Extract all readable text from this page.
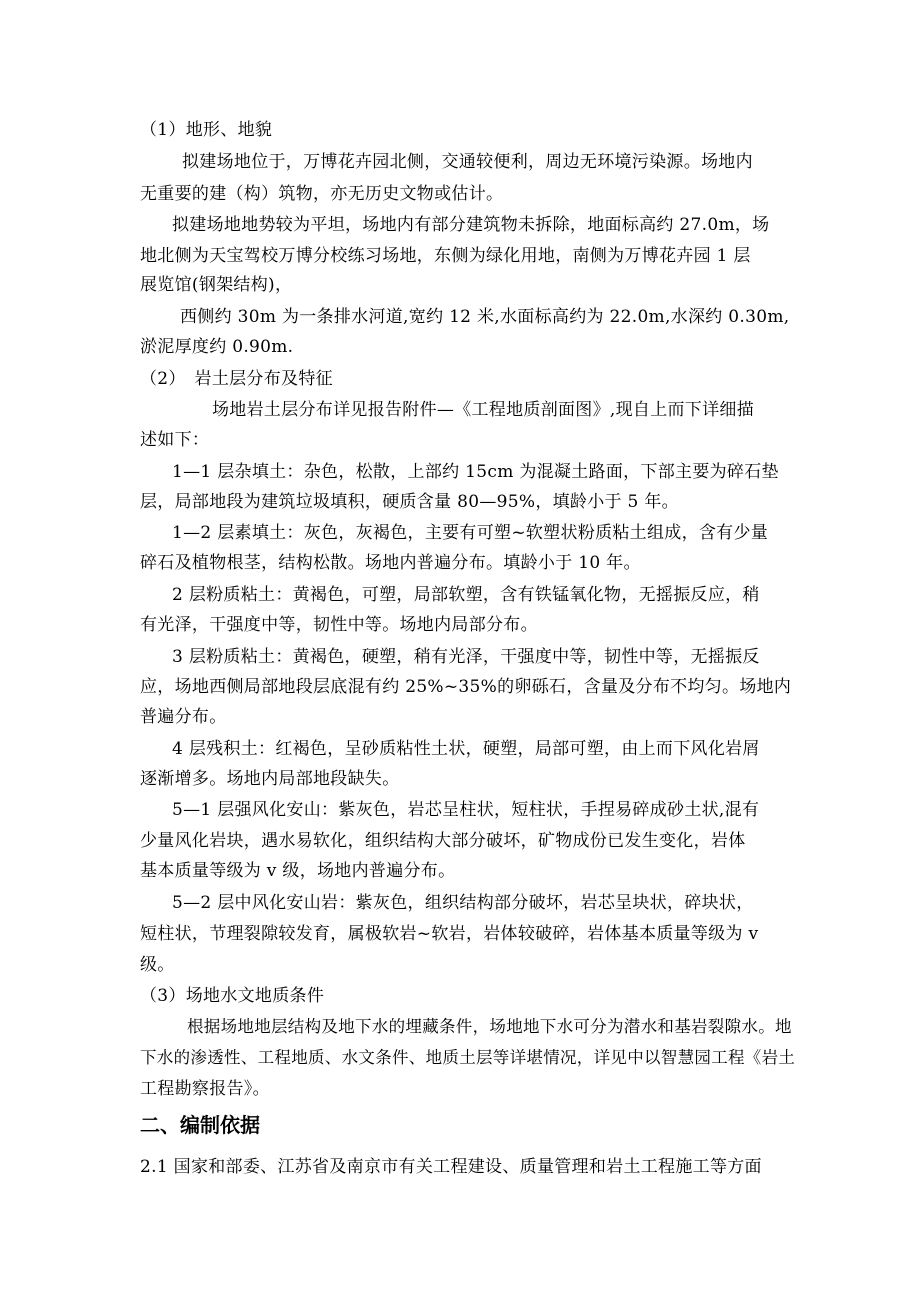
（1）地形、地貌
拟建场地位于，万博花卉园北侧，交通较便利，周边无环境污染源。场地内
无重要的建（构）筑物，亦无历史文物或估计。
拟建场地地势较为平坦，场地内有部分建筑物未拆除，地面标高约 27.0m，场
地北侧为天宝驾校万博分校练习场地，东侧为绿化用地，南侧为万博花卉园 1 层
展览馆(钢架结构)，
西侧约 30m 为一条排水河道,宽约 12 米,水面标高约为 22.0m,水深约 0.30m,
淤泥厚度约 0.90m.
（2）　岩土层分布及特征
场地岩土层分布详见报告附件—《工程地质剖面图》,现自上而下详细描
述如下：
1—1 层杂填土：杂色，松散，上部约 15cm 为混凝土路面，下部主要为碎石垫
层，局部地段为建筑垃圾填积，硬质含量 80—95%，填龄小于 5 年。
1—2 层素填土：灰色，灰褐色，主要有可塑~软塑状粉质粘土组成，含有少量
碎石及植物根茎，结构松散。场地内普遍分布。填龄小于 10 年。
2 层粉质粘土：黄褐色，可塑，局部软塑，含有铁锰氧化物，无摇振反应，稍
有光泽，干强度中等，韧性中等。场地内局部分布。
3 层粉质粘土：黄褐色，硬塑，稍有光泽，干强度中等，韧性中等，无摇振反
应，场地西侧局部地段层底混有约 25%~35%的卵砾石，含量及分布不均匀。场地内
普遍分布。
4 层残积土：红褐色，呈砂质粘性土状，硬塑，局部可塑，由上而下风化岩屑
逐渐增多。场地内局部地段缺失。
5—1 层强风化安山：紫灰色，岩芯呈柱状，短柱状，手捏易碎成砂土状,混有
少量风化岩块，遇水易软化，组织结构大部分破坏，矿物成份已发生变化，岩体
基本质量等级为 v 级，场地内普遍分布。
5—2 层中风化安山岩：紫灰色，组织结构部分破坏，岩芯呈块状，碎块状，
短柱状，节理裂隙较发育，属极软岩~软岩，岩体较破碎，岩体基本质量等级为 v
级。
（3）场地水文地质条件
根据场地地层结构及地下水的埋藏条件，场地地下水可分为潜水和基岩裂隙水。地
下水的渗透性、工程地质、水文条件、地质土层等详堪情况，详见中以智慧园工程《岩土
工程勘察报告》。
二、编制依据
2.1 国家和部委、江苏省及南京市有关工程建设、质量管理和岩土工程施工等方面
